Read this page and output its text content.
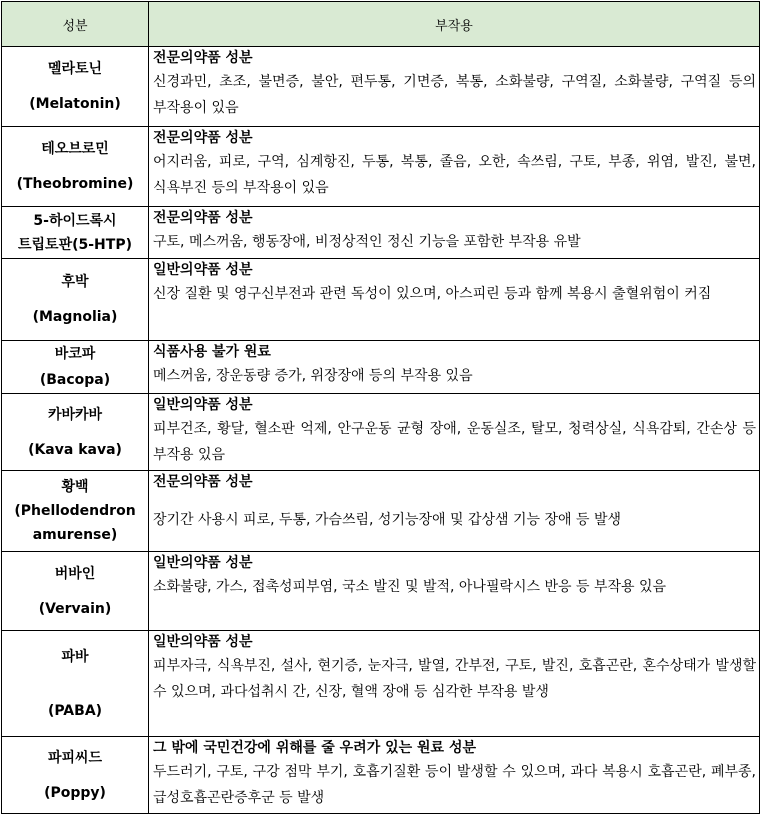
성분	부작용

멜라토닌
(Melatonin)	전문의약품 성분
신경과민, 초조, 불면증, 불안, 편두통, 기면증, 복통, 소화불량, 구역질, 소화불량, 구역질 등의 부작용이 있음

테오브로민
(Theobromine)	전문의약품 성분
어지러움, 피로, 구역, 심계항진, 두통, 복통, 졸음, 오한, 속쓰림, 구토, 부종, 위염, 발진, 불면, 식욕부진 등의 부작용이 있음

5-하이드록시
트립토판(5-HTP)	전문의약품 성분
구토, 메스꺼움, 행동장애, 비정상적인 정신 기능을 포함한 부작용 유발

후박
(Magnolia)	일반의약품 성분
신장 질환 및 영구신부전과 관련 독성이 있으며, 아스피린 등과 함께 복용시 출혈위험이 커짐

바코파
(Bacopa)	식품사용 불가 원료
메스꺼움, 장운동량 증가, 위장장애 등의 부작용 있음

카바카바
(Kava kava)	일반의약품 성분
피부건조, 황달, 혈소판 억제, 안구운동 균형 장애, 운동실조, 탈모, 청력상실, 식욕감퇴, 간손상 등 부작용 있음

황백
(Phellodendron
amurense)	전문의약품 성분
장기간 사용시 피로, 두통, 가슴쓰림, 성기능장애 및 갑상샘 기능 장애 등 발생

버바인
(Vervain)	일반의약품 성분
소화불량, 가스, 접촉성피부염, 국소 발진 및 발적, 아나필락시스 반응 등 부작용 있음

파바
(PABA)	일반의약품 성분
피부자극, 식욕부진, 설사, 현기증, 눈자극, 발열, 간부전, 구토, 발진, 호흡곤란, 혼수상태가 발생할 수 있으며, 과다섭취시 간, 신장, 혈액 장애 등 심각한 부작용 발생

파피씨드
(Poppy)	그 밖에 국민건강에 위해를 줄 우려가 있는 원료 성분
두드러기, 구토, 구강 점막 부기, 호흡기질환 등이 발생할 수 있으며, 과다 복용시 호흡곤란, 폐부종, 급성호흡곤란증후군 등 발생
